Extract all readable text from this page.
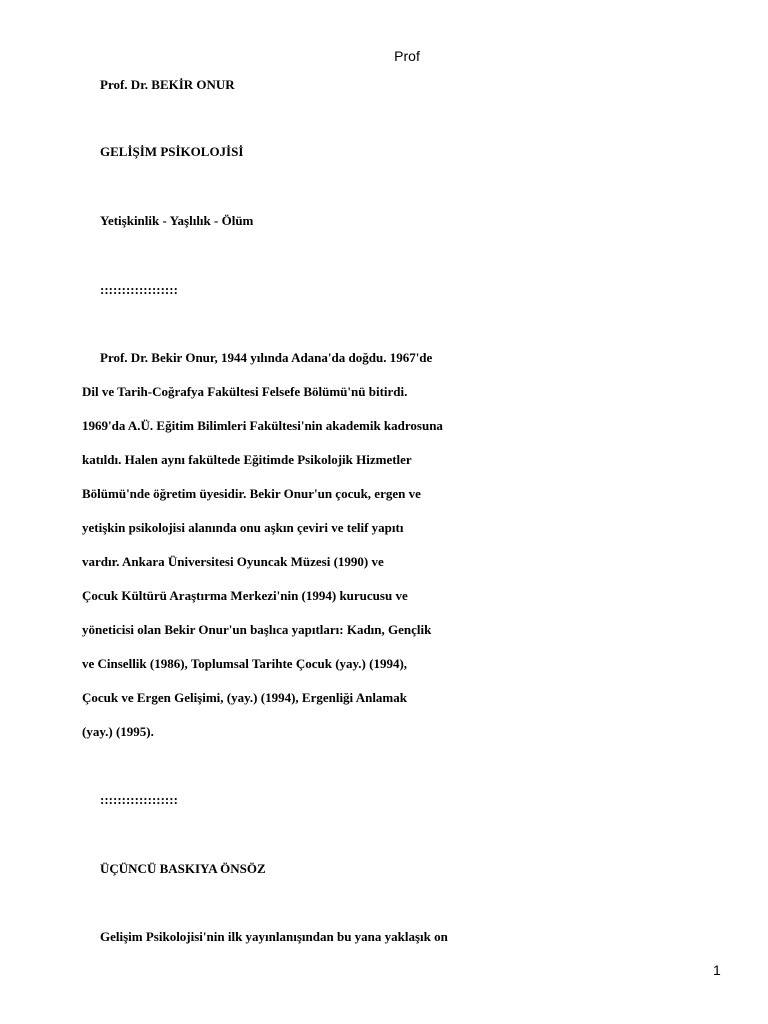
Prof

Prof. Dr. BEKİR ONUR

GELİŞİM PSİKOLOJİSİ

Yetişkinlik - Yaşlılık - Ölüm

::::::::::::::::::

Prof. Dr. Bekir Onur, 1944 yılında Adana'da doğdu. 1967'de

Dil ve Tarih-Coğrafya Fakültesi Felsefe Bölümü'nü bitirdi.

1969'da A.Ü. Eğitim Bilimleri Fakültesi'nin akademik kadrosuna

katıldı. Halen aynı fakültede Eğitimde Psikolojik Hizmetler

Bölümü'nde öğretim üyesidir. Bekir Onur'un çocuk, ergen ve

yetişkin psikolojisi alanında onu aşkın çeviri ve telif yapıtı

vardır. Ankara Üniversitesi Oyuncak Müzesi (1990) ve

Çocuk Kültürü Araştırma Merkezi'nin (1994) kurucusu ve

yöneticisi olan Bekir Onur'un başlıca yapıtları: Kadın, Gençlik

ve Cinsellik (1986), Toplumsal Tarihte Çocuk (yay.) (1994),

Çocuk ve Ergen Gelişimi, (yay.) (1994), Ergenliği Anlamak

(yay.) (1995).

::::::::::::::::::

ÜÇÜNCÜ BASKIYA ÖNSÖZ

Gelişim Psikolojisi'nin ilk yayınlanışından bu yana yaklaşık on

1
